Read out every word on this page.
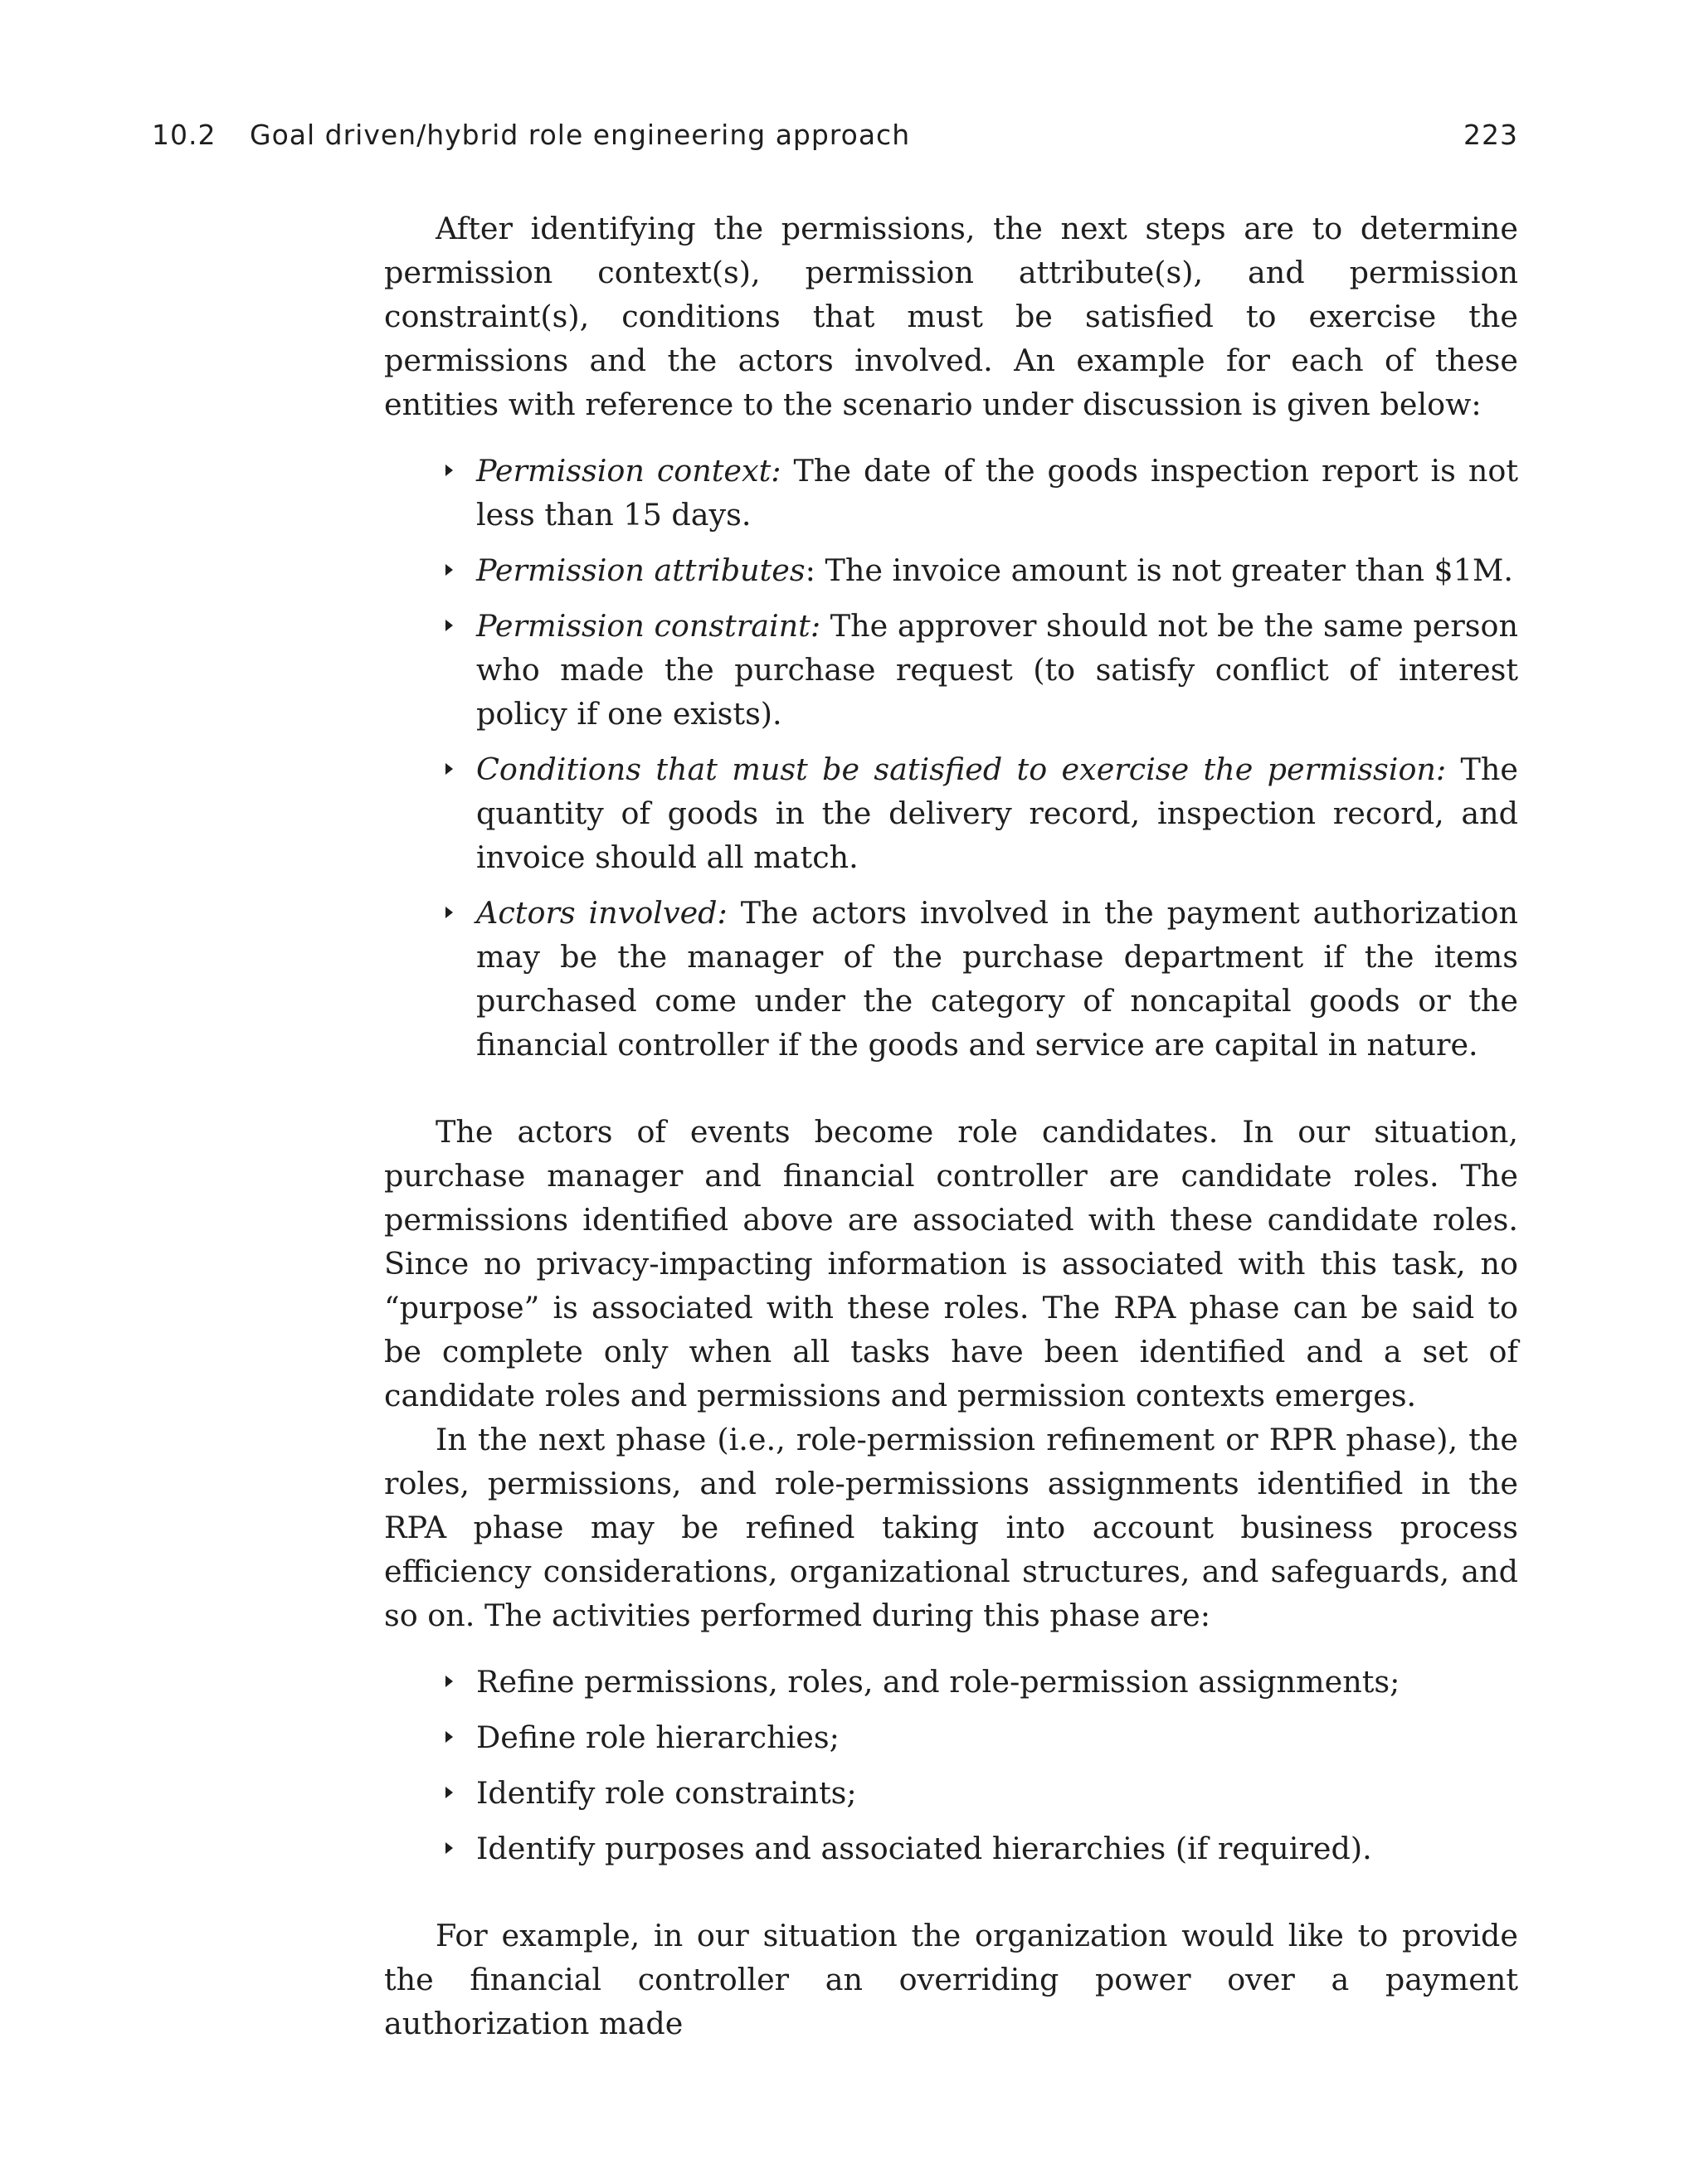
10.2 Goal driven/hybrid role engineering approach	223

After identifying the permissions, the next steps are to determine permission context(s), permission attribute(s), and permission constraint(s), conditions that must be satisfied to exercise the permissions and the actors involved. An example for each of these entities with reference to the scenario under discussion is given below:

Permission context: The date of the goods inspection report is not less than 15 days.
Permission attributes: The invoice amount is not greater than $1M.
Permission constraint: The approver should not be the same person who made the purchase request (to satisfy conflict of interest policy if one exists).
Conditions that must be satisfied to exercise the permission: The quantity of goods in the delivery record, inspection record, and invoice should all match.
Actors involved: The actors involved in the payment authorization may be the manager of the purchase department if the items purchased come under the category of noncapital goods or the financial controller if the goods and service are capital in nature.

The actors of events become role candidates. In our situation, purchase manager and financial controller are candidate roles. The permissions identified above are associated with these candidate roles. Since no privacy-impacting information is associated with this task, no “purpose” is associated with these roles. The RPA phase can be said to be complete only when all tasks have been identified and a set of candidate roles and permissions and permission contexts emerges.

In the next phase (i.e., role-permission refinement or RPR phase), the roles, permissions, and role-permissions assignments identified in the RPA phase may be refined taking into account business process efficiency considerations, organizational structures, and safeguards, and so on. The activities performed during this phase are:

Refine permissions, roles, and role-permission assignments;
Define role hierarchies;
Identify role constraints;
Identify purposes and associated hierarchies (if required).

For example, in our situation the organization would like to provide the financial controller an overriding power over a payment authorization made
